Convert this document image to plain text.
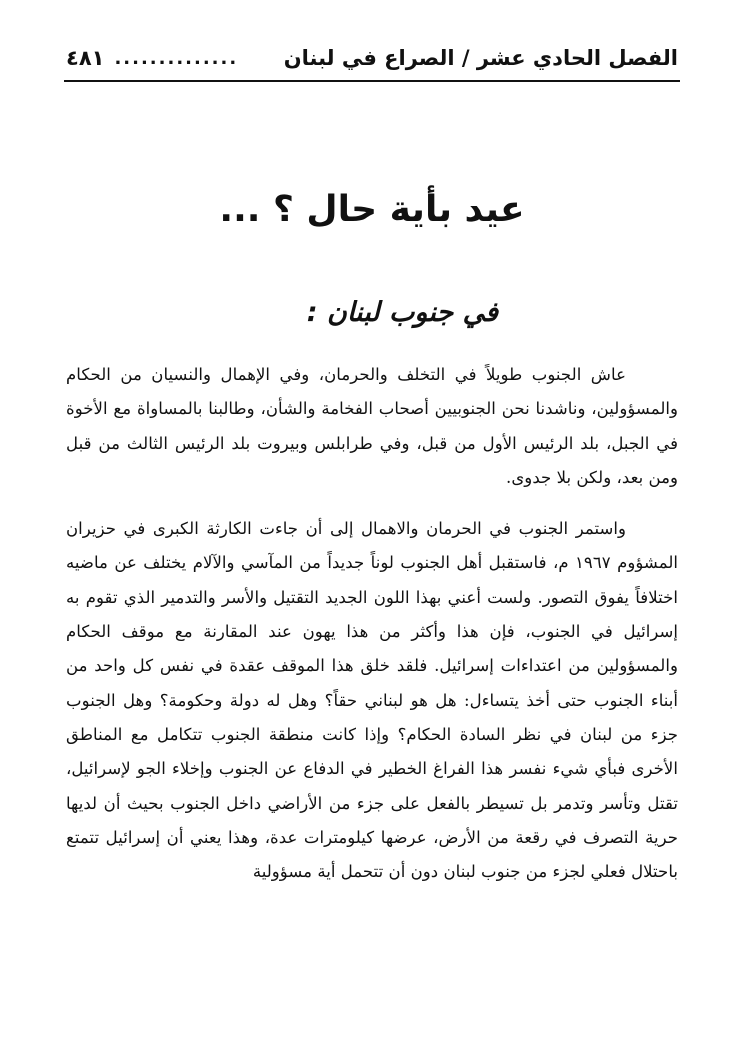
الفصل الحادي عشر / الصراع في لبنان
٤٨١ ..............
عيد بأية حال ؟ ...
في جنوب لبنان :

عاش الجنوب طويلاً في التخلف والحرمان، وفي الإهمال والنسيان من الحكام والمسؤولين، وناشدنا نحن الجنوبيين أصحاب الفخامة والشأن، وطالبنا بالمساواة مع الأخوة في الجبل، بلد الرئيس الأول من قبل، وفي طرابلس وبيروت بلد الرئيس الثالث من قبل ومن بعد، ولكن بلا جدوى.

واستمر الجنوب في الحرمان والاهمال إلى أن جاءت الكارثة الكبرى في حزيران المشؤوم ١٩٦٧ م، فاستقبل أهل الجنوب لوناً جديداً من المآسي والآلام يختلف عن ماضيه اختلافاً يفوق التصور. ولست أعني بهذا اللون الجديد التقتيل والأسر والتدمير الذي تقوم به إسرائيل في الجنوب، فإن هذا وأكثر من هذا يهون عند المقارنة مع موقف الحكام والمسؤولين من اعتداءات إسرائيل. فلقد خلق هذا الموقف عقدة في نفس كل واحد من أبناء الجنوب حتى أخذ يتساءل: هل هو لبناني حقاً؟ وهل له دولة وحكومة؟ وهل الجنوب جزء من لبنان في نظر السادة الحكام؟ وإذا كانت منطقة الجنوب تتكامل مع المناطق الأخرى فبأي شيء نفسر هذا الفراغ الخطير في الدفاع عن الجنوب وإخلاء الجو لإسرائيل، تقتل وتأسر وتدمر بل تسيطر بالفعل على جزء من الأراضي داخل الجنوب بحيث أن لديها حرية التصرف في رقعة من الأرض، عرضها كيلومترات عدة، وهذا يعني أن إسرائيل تتمتع باحتلال فعلي لجزء من جنوب لبنان دون أن تتحمل أية مسؤولية
